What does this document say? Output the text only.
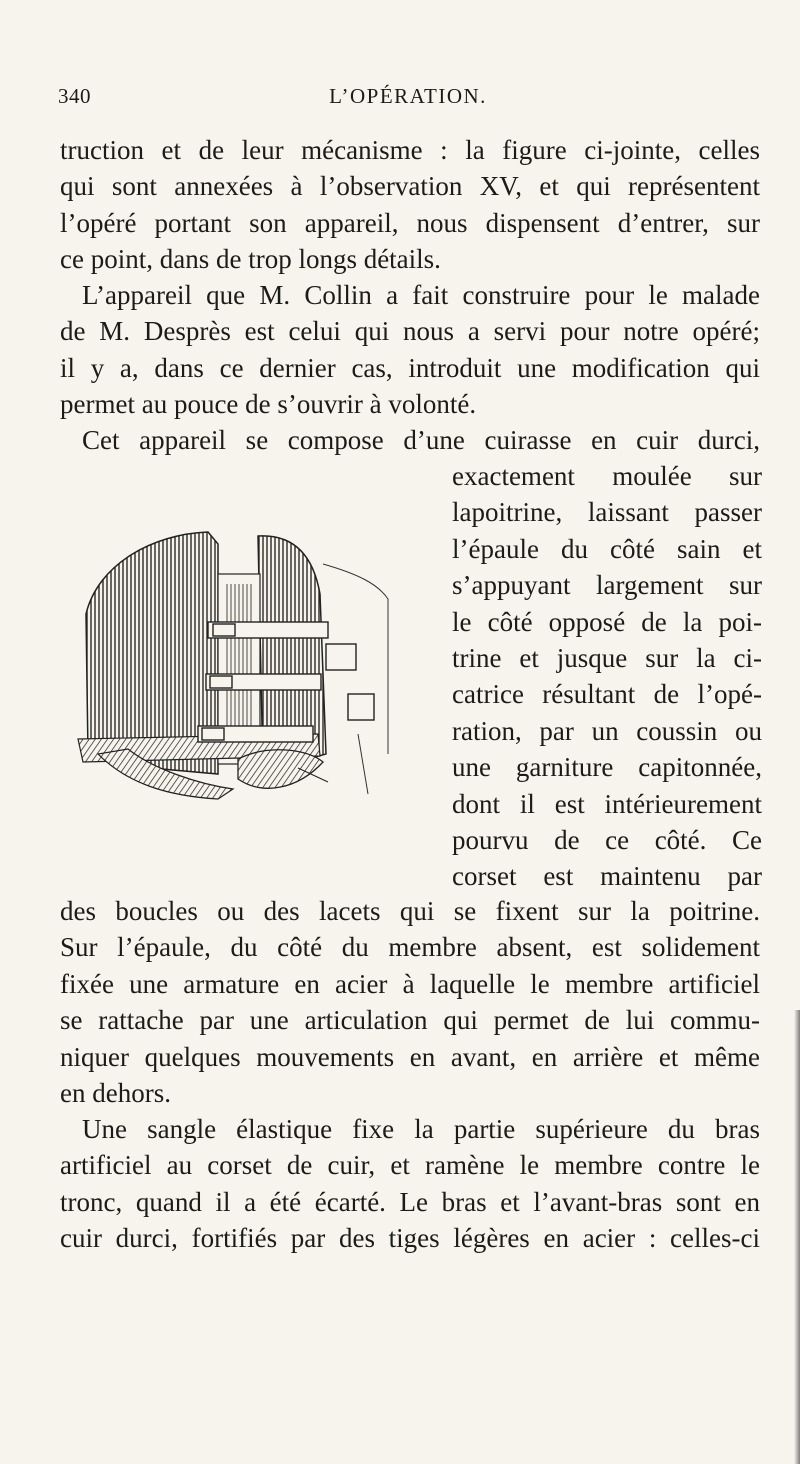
340	L’OPÉRATION.
truction et de leur mécanisme : la figure ci-jointe, celles
qui sont annexées à l’observation XV, et qui représentent
l’opéré portant son appareil, nous dispensent d’entrer, sur
ce point, dans de trop longs détails.
L’appareil que M. Collin a fait construire pour le malade
de M. Desprès est celui qui nous a servi pour notre opéré;
il y a, dans ce dernier cas, introduit une modification qui
permet au pouce de s’ouvrir à volonté.
Cet appareil se compose d’une cuirasse en cuir durci,
exactement moulée sur
lapoitrine, laissant passer
l’épaule du côté sain et
s’appuyant largement sur
le côté opposé de la poi-
trine et jusque sur la ci-
catrice résultant de l’opé-
ration, par un coussin ou
une garniture capitonnée,
dont il est intérieurement
pourvu de ce côté. Ce
corset est maintenu par
des boucles ou des lacets qui se fixent sur la poitrine.
Sur l’épaule, du côté du membre absent, est solidement
fixée une armature en acier à laquelle le membre artificiel
se rattache par une articulation qui permet de lui commu-
niquer quelques mouvements en avant, en arrière et même
en dehors.
Une sangle élastique fixe la partie supérieure du bras
artificiel au corset de cuir, et ramène le membre contre le
tronc, quand il a été écarté. Le bras et l’avant-bras sont en
cuir durci, fortifiés par des tiges légères en acier : celles-ci
